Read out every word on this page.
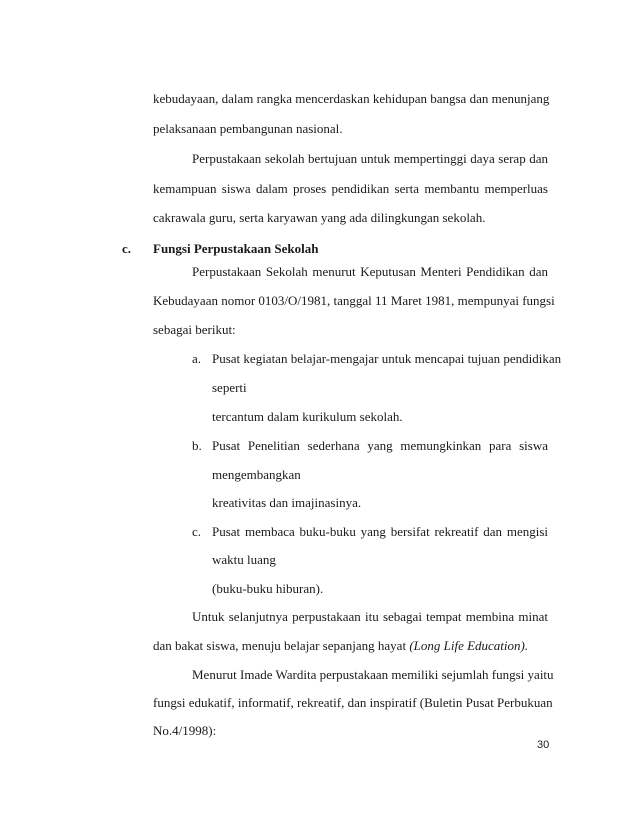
kebudayaan, dalam rangka mencerdaskan kehidupan bangsa dan menunjang
pelaksanaan pembangunan nasional.
Perpustakaan sekolah bertujuan untuk mempertinggi daya serap dan
kemampuan siswa dalam proses pendidikan serta membantu memperluas
cakrawala guru, serta karyawan yang ada dilingkungan sekolah.
c. Fungsi Perpustakaan Sekolah
Perpustakaan Sekolah menurut Keputusan Menteri Pendidikan dan
Kebudayaan nomor 0103/O/1981, tanggal 11 Maret 1981, mempunyai fungsi
sebagai berikut:
a. Pusat kegiatan belajar-mengajar untuk mencapai tujuan pendidikan
seperti
tercantum dalam kurikulum sekolah.
b. Pusat Penelitian sederhana yang memungkinkan para siswa
mengembangkan
kreativitas dan imajinasinya.
c. Pusat membaca buku-buku yang bersifat rekreatif dan mengisi
waktu luang
(buku-buku hiburan).
Untuk selanjutnya perpustakaan itu sebagai tempat membina minat
dan bakat siswa, menuju belajar sepanjang hayat (Long Life Education).
Menurut Imade Wardita perpustakaan memiliki sejumlah fungsi yaitu
fungsi edukatif, informatif, rekreatif, dan inspiratif (Buletin Pusat Perbukuan
No.4/1998):
30
